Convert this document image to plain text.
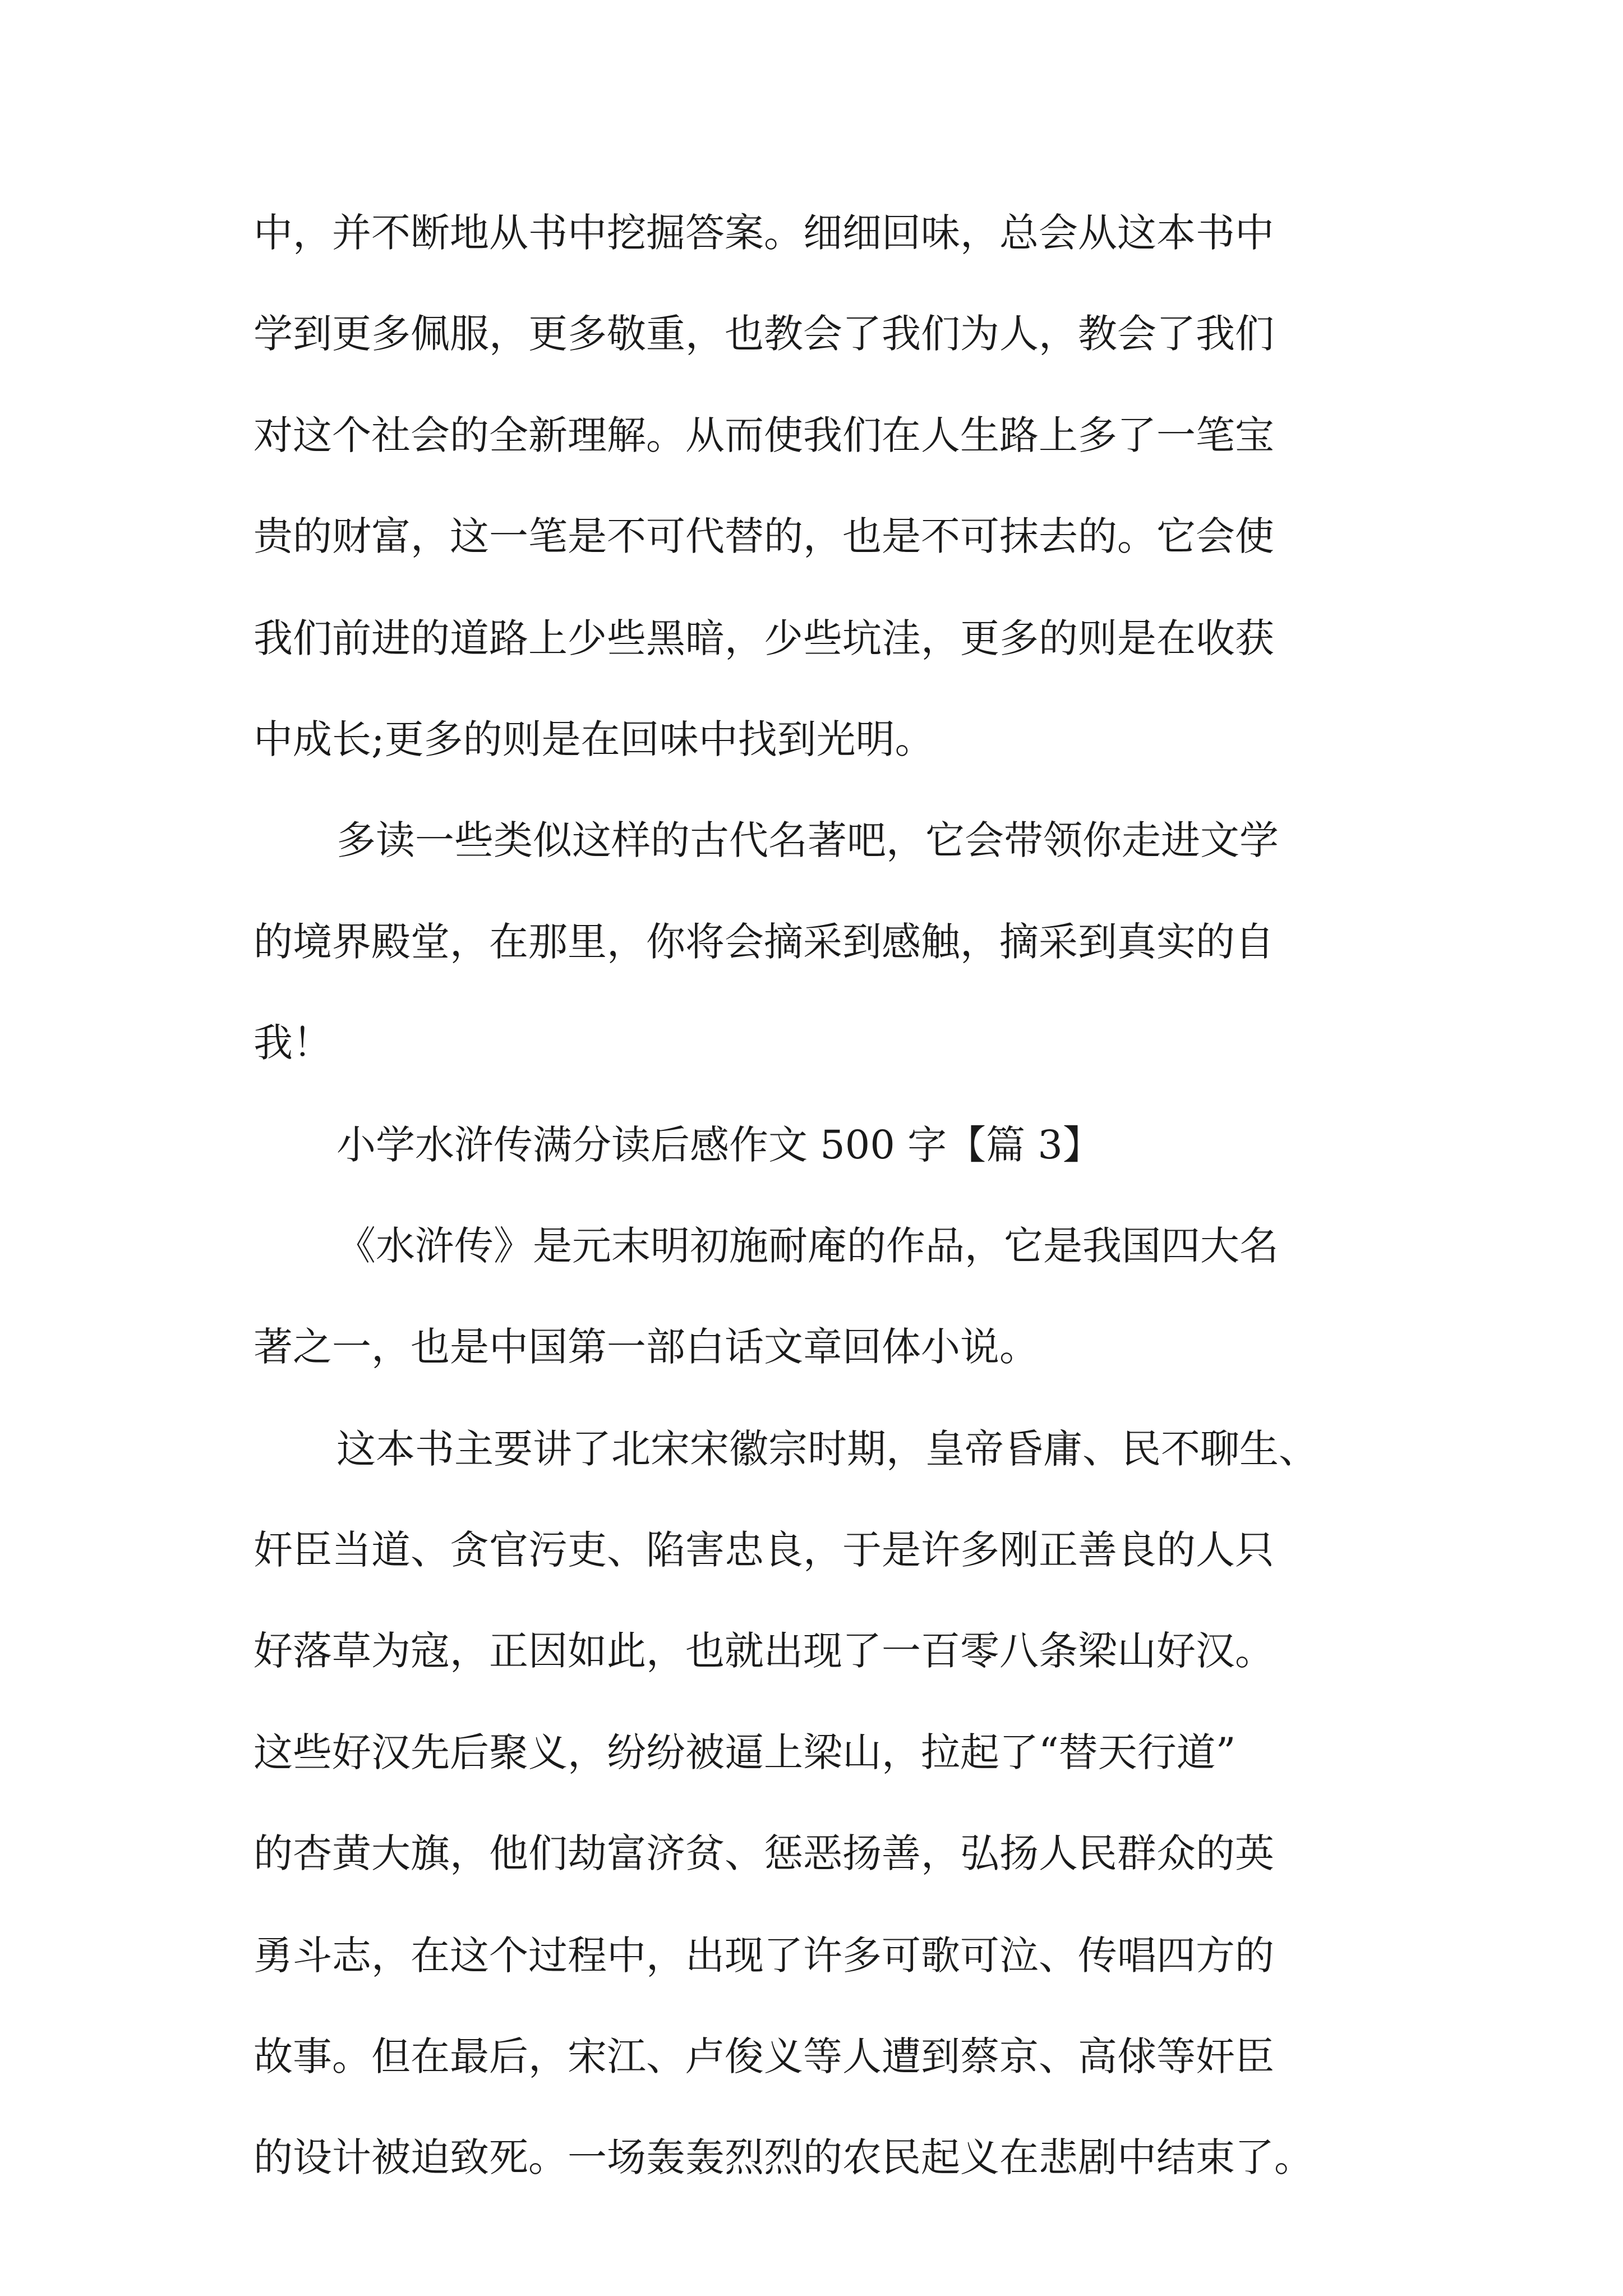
中，并不断地从书中挖掘答案。细细回味，总会从这本书中
学到更多佩服，更多敬重，也教会了我们为人，教会了我们
对这个社会的全新理解。从而使我们在人生路上多了一笔宝
贵的财富，这一笔是不可代替的，也是不可抹去的。它会使
我们前进的道路上少些黑暗，少些坑洼，更多的则是在收获
中成长;更多的则是在回味中找到光明。
多读一些类似这样的古代名著吧，它会带领你走进文学
的境界殿堂，在那里，你将会摘采到感触，摘采到真实的自
我！
小学水浒传满分读后感作文 500 字【篇 3】
《水浒传》是元末明初施耐庵的作品，它是我国四大名
著之一，也是中国第一部白话文章回体小说。
这本书主要讲了北宋宋徽宗时期，皇帝昏庸、民不聊生、
奸臣当道、贪官污吏、陷害忠良，于是许多刚正善良的人只
好落草为寇，正因如此，也就出现了一百零八条梁山好汉。
这些好汉先后聚义，纷纷被逼上梁山，拉起了“替天行道”
的杏黄大旗，他们劫富济贫、惩恶扬善，弘扬人民群众的英
勇斗志，在这个过程中，出现了许多可歌可泣、传唱四方的
故事。但在最后，宋江、卢俊义等人遭到蔡京、高俅等奸臣
的设计被迫致死。一场轰轰烈烈的农民起义在悲剧中结束了。
